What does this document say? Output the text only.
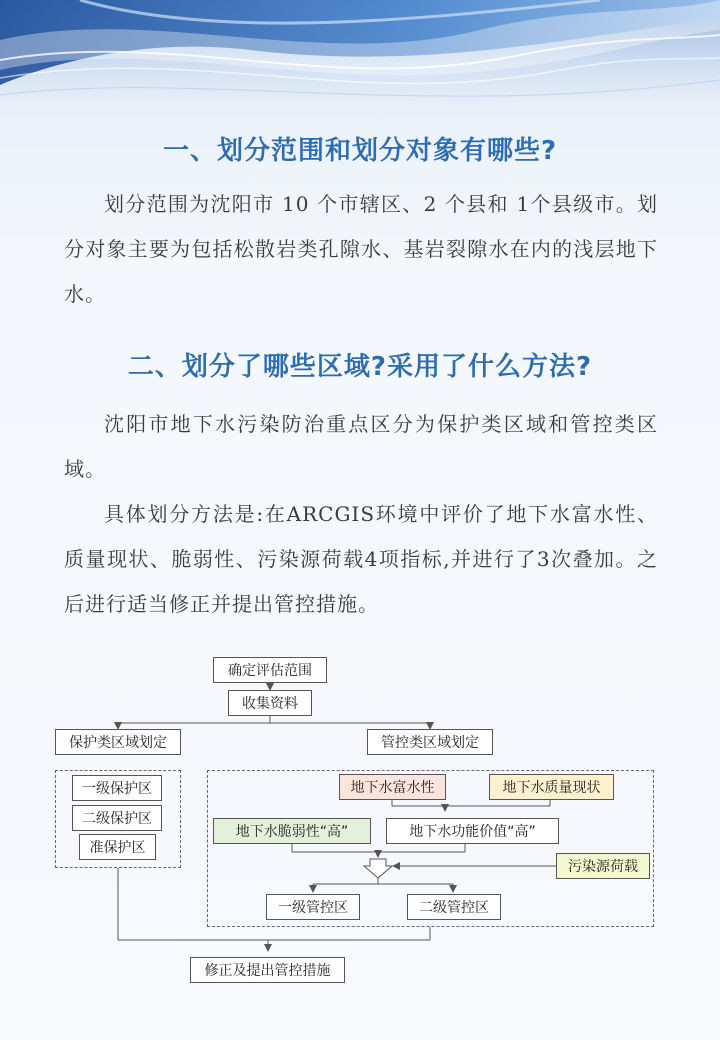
一、划分范围和划分对象有哪些?
划分范围为沈阳市 10 个市辖区、2 个县和 1个县级市。划分对象主要为包括松散岩类孔隙水、基岩裂隙水在内的浅层地下水。
二、划分了哪些区域?采用了什么方法?
沈阳市地下水污染防治重点区分为保护类区域和管控类区域。
具体划分方法是:在ARCGIS环境中评价了地下水富水性、质量现状、脆弱性、污染源荷载4项指标,并进行了3次叠加。之后进行适当修正并提出管控措施。
确定评估范围
收集资料
保护类区域划定	管控类区域划定
一级保护区
二级保护区
准保护区
地下水富水性	地下水质量现状
地下水脆弱性“高”	地下水功能价值“高”
污染源荷载
一级管控区	二级管控区
修正及提出管控措施
